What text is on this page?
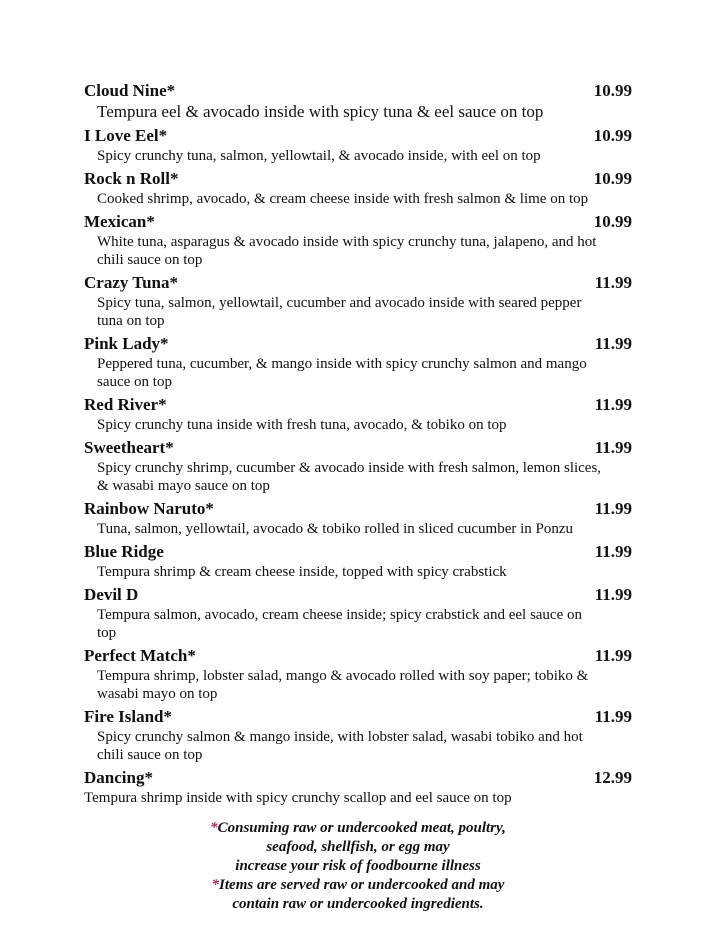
Cloud Nine*	10.99
Tempura eel & avocado inside with spicy tuna & eel sauce on top
I Love Eel*	10.99
Spicy crunchy tuna, salmon, yellowtail, & avocado inside, with eel on top
Rock n Roll*	10.99
Cooked shrimp, avocado, & cream cheese inside with fresh salmon & lime on top
Mexican*	10.99
White tuna, asparagus & avocado inside with spicy crunchy tuna, jalapeno, and hot chili sauce on top
Crazy Tuna*	11.99
Spicy tuna, salmon, yellowtail, cucumber and avocado inside with seared pepper tuna on top
Pink Lady*	11.99
Peppered tuna, cucumber, & mango inside with spicy crunchy salmon and mango sauce on top
Red River*	11.99
Spicy crunchy tuna inside with fresh tuna, avocado, & tobiko on top
Sweetheart*	11.99
Spicy crunchy shrimp, cucumber & avocado inside with fresh salmon, lemon slices, & wasabi mayo sauce on top
Rainbow Naruto*	11.99
Tuna, salmon, yellowtail, avocado & tobiko rolled in sliced cucumber in Ponzu
Blue Ridge	11.99
Tempura shrimp & cream cheese inside, topped with spicy crabstick
Devil D	11.99
Tempura salmon, avocado, cream cheese inside; spicy crabstick and eel sauce on top
Perfect Match*	11.99
Tempura shrimp, lobster salad, mango & avocado rolled with soy paper; tobiko & wasabi mayo on top
Fire Island*	11.99
Spicy crunchy salmon & mango inside, with lobster salad, wasabi tobiko and hot chili sauce on top
Dancing*	12.99
Tempura shrimp inside with spicy crunchy scallop and eel sauce on top
*Consuming raw or undercooked meat, poultry,
seafood, shellfish, or egg may
increase your risk of foodbourne illness
*Items are served raw or undercooked and may
contain raw or undercooked ingredients.
